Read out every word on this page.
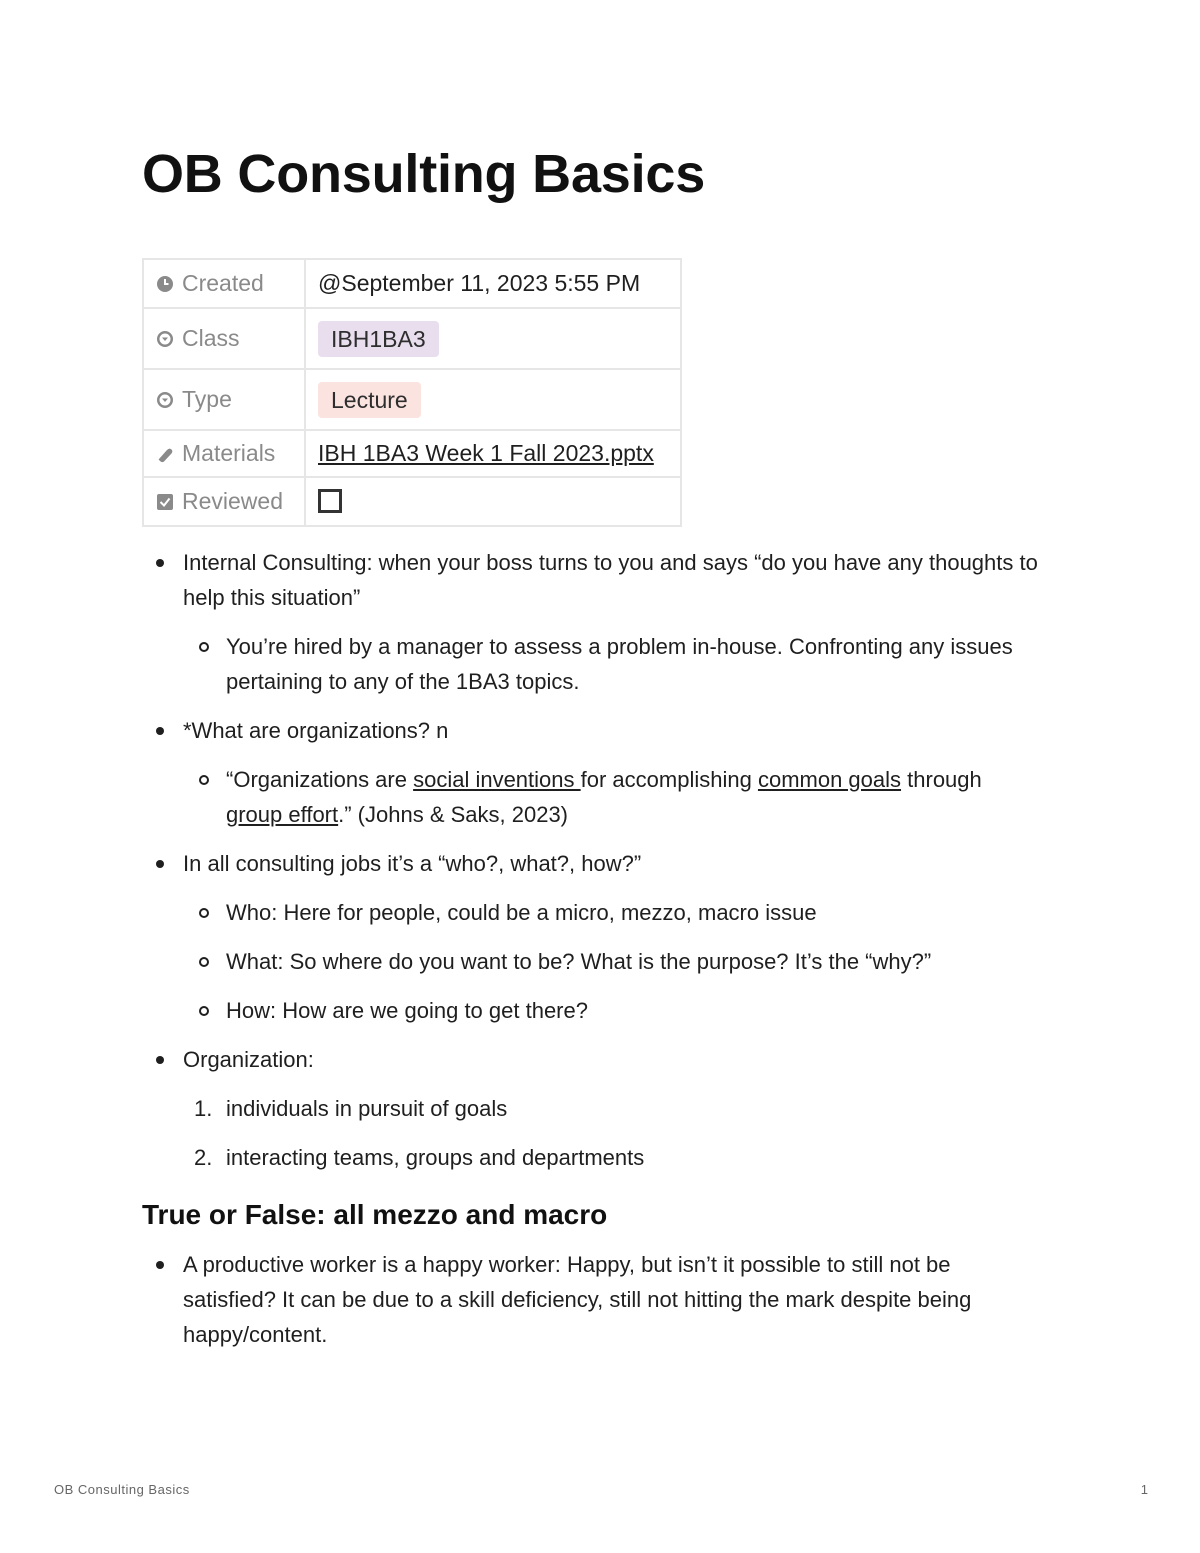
OB Consulting Basics
Created	@September 11, 2023 5:55 PM
Class	IBH1BA3
Type	Lecture
Materials	IBH 1BA3 Week 1 Fall 2023.pptx
Reviewed	
Internal Consulting: when your boss turns to you and says “do you have any thoughts to help this situation”
You’re hired by a manager to assess a problem in-house. Confronting any issues pertaining to any of the 1BA3 topics.
*What are organizations? n
“Organizations are social inventions for accomplishing common goals through group effort.” (Johns & Saks, 2023)
In all consulting jobs it’s a “who?, what?, how?”
Who: Here for people, could be a micro, mezzo, macro issue
What: So where do you want to be? What is the purpose? It’s the “why?”
How: How are we going to get there?
Organization:
1. individuals in pursuit of goals
2. interacting teams, groups and departments
True or False: all mezzo and macro
A productive worker is a happy worker: Happy, but isn’t it possible to still not be satisfied? It can be due to a skill deficiency, still not hitting the mark despite being happy/content.
OB Consulting Basics	1
